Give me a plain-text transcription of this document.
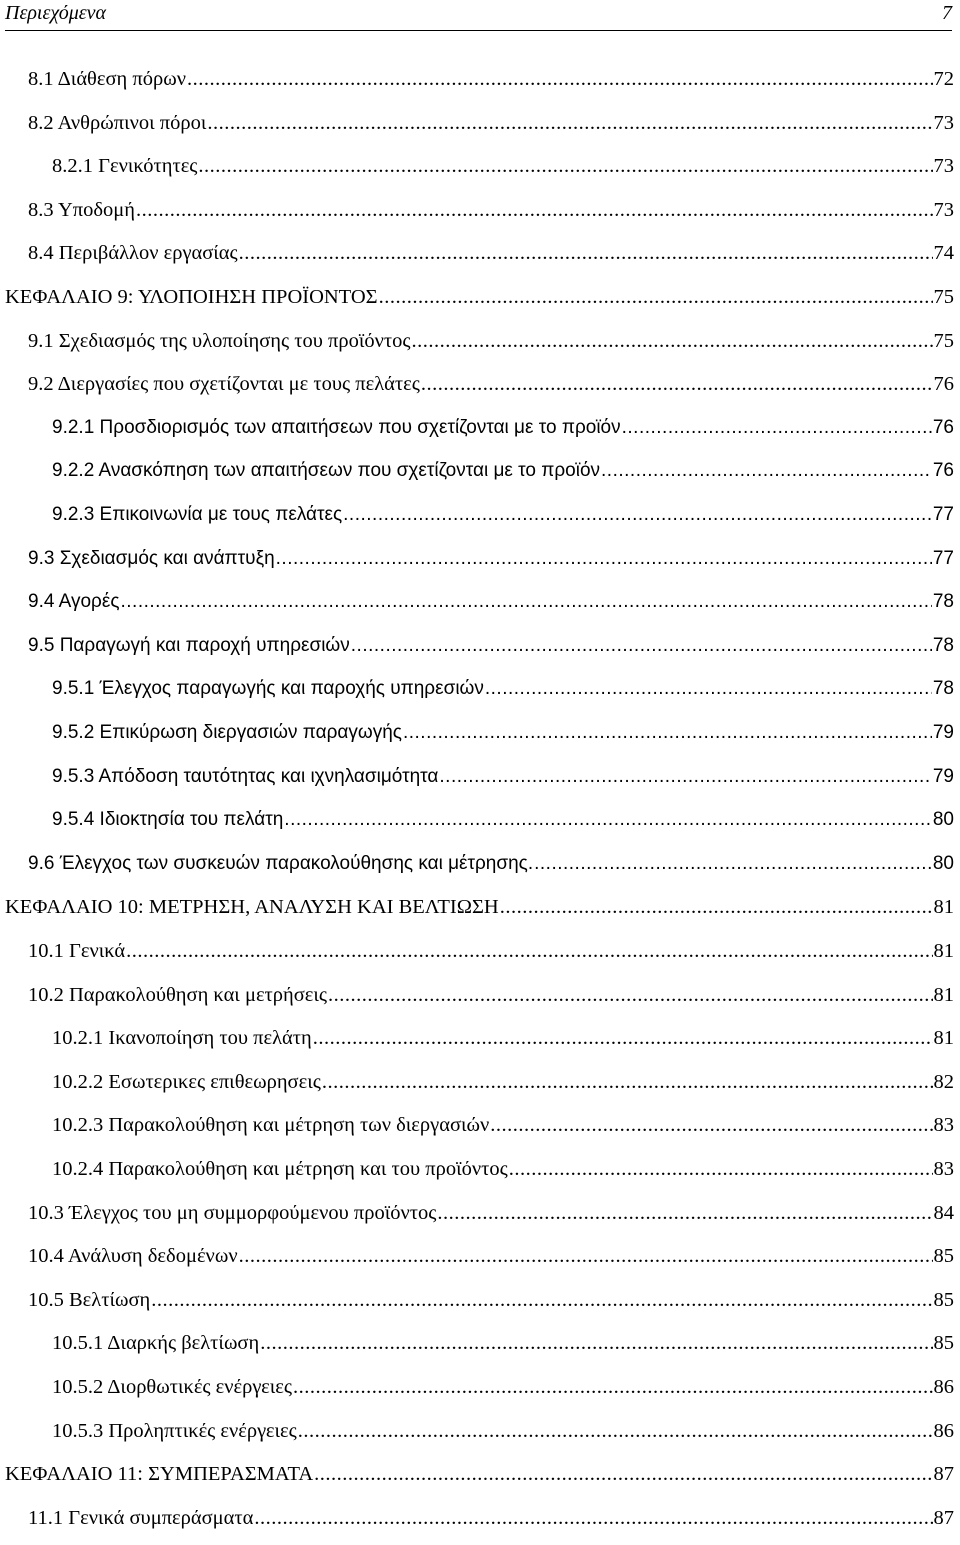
Περιεχόμενα	7
8.1 Διάθεση πόρων .....	72
8.2 Ανθρώπινοι πόροι .....	73
8.2.1 Γενικότητες .....	73
8.3 Υποδομή .....	73
8.4 Περιβάλλον εργασίας .....	74
ΚΕΦΑΛΑΙΟ 9: ΥΛΟΠΟΙΗΣΗ ΠΡΟΪΟΝΤΟΣ .....	75
9.1 Σχεδιασμός της υλοποίησης του προϊόντος .....	75
9.2 Διεργασίες που σχετίζονται με τους πελάτες .....	76
9.2.1 Προσδιορισμός των απαιτήσεων που σχετίζονται με το προϊόν .....	76
9.2.2 Ανασκόπηση των απαιτήσεων που σχετίζονται με το προϊόν .....	76
9.2.3 Επικοινωνία με τους πελάτες .....	77
9.3 Σχεδιασμός και ανάπτυξη .....	77
9.4 Αγορές .....	78
9.5 Παραγωγή και παροχή υπηρεσιών .....	78
9.5.1 Έλεγχος παραγωγής και παροχής υπηρεσιών .....	78
9.5.2 Επικύρωση διεργασιών παραγωγής .....	79
9.5.3 Απόδοση ταυτότητας και ιχνηλασιμότητα .....	79
9.5.4 Ιδιοκτησία του πελάτη .....	80
9.6 Έλεγχος των συσκευών παρακολούθησης και μέτρησης. .....	80
ΚΕΦΑΛΑΙΟ 10: ΜΕΤΡΗΣΗ, ΑΝΑΛΥΣΗ ΚΑΙ ΒΕΛΤΙΩΣΗ .....	81
10.1 Γενικά .....	81
10.2 Παρακολούθηση και μετρήσεις .....	81
10.2.1 Ικανοποίηση του πελάτη .....	81
10.2.2 Εσωτερικες επιθεωρησεις .....	82
10.2.3 Παρακολούθηση και μέτρηση των διεργασιών .....	83
10.2.4 Παρακολούθηση και μέτρηση και του προϊόντος .....	83
10.3 Έλεγχος του μη συμμορφούμενου προϊόντος .....	84
10.4 Ανάλυση δεδομένων .....	85
10.5 Βελτίωση .....	85
10.5.1 Διαρκής βελτίωση .....	85
10.5.2 Διορθωτικές ενέργειες .....	86
10.5.3 Προληπτικές ενέργειες .....	86
ΚΕΦΑΛΑΙΟ 11: ΣΥΜΠΕΡΑΣΜΑΤΑ .....	87
11.1 Γενικά συμπεράσματα .....	87
